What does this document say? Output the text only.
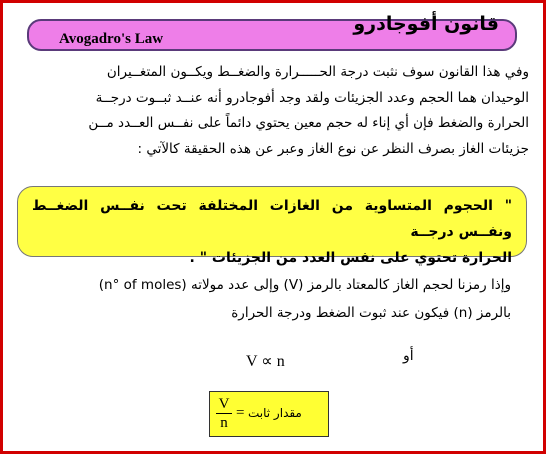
Avogadro's Law
قانون أفوجادرو
وفي هذا القانون سوف نثبت درجة الحـــــرارة والضغــط ويكــون المتغــيران
الوحيدان هما الحجم وعدد الجزيئات ولقد وجد أفوجادرو أنه عنــد ثبــوت درجــة
الحرارة والضغط فإن أي إناء له حجم معين يحتوي دائماً على نفــس العــدد مــن
جزيئات الغاز بصرف النظر عن نوع الغاز وعبر عن هذه الحقيقة كالآتي :
" الحجوم المتساوية من الغازات المختلفة تحت نفــس الضغــط ونفــس درجــة
الحرارة تحتوي على نفس العدد من الجزيئات " .
وإذا رمزنا لحجم الغاز كالمعتاد بالرمز (V) وإلى عدد مولاته (n° of moles)
بالرمز (n) فيكون عند ثبوت الضغط ودرجة الحرارة
أو
V ∝ n
$\frac{V}{n}$ = مقدار ثابت
